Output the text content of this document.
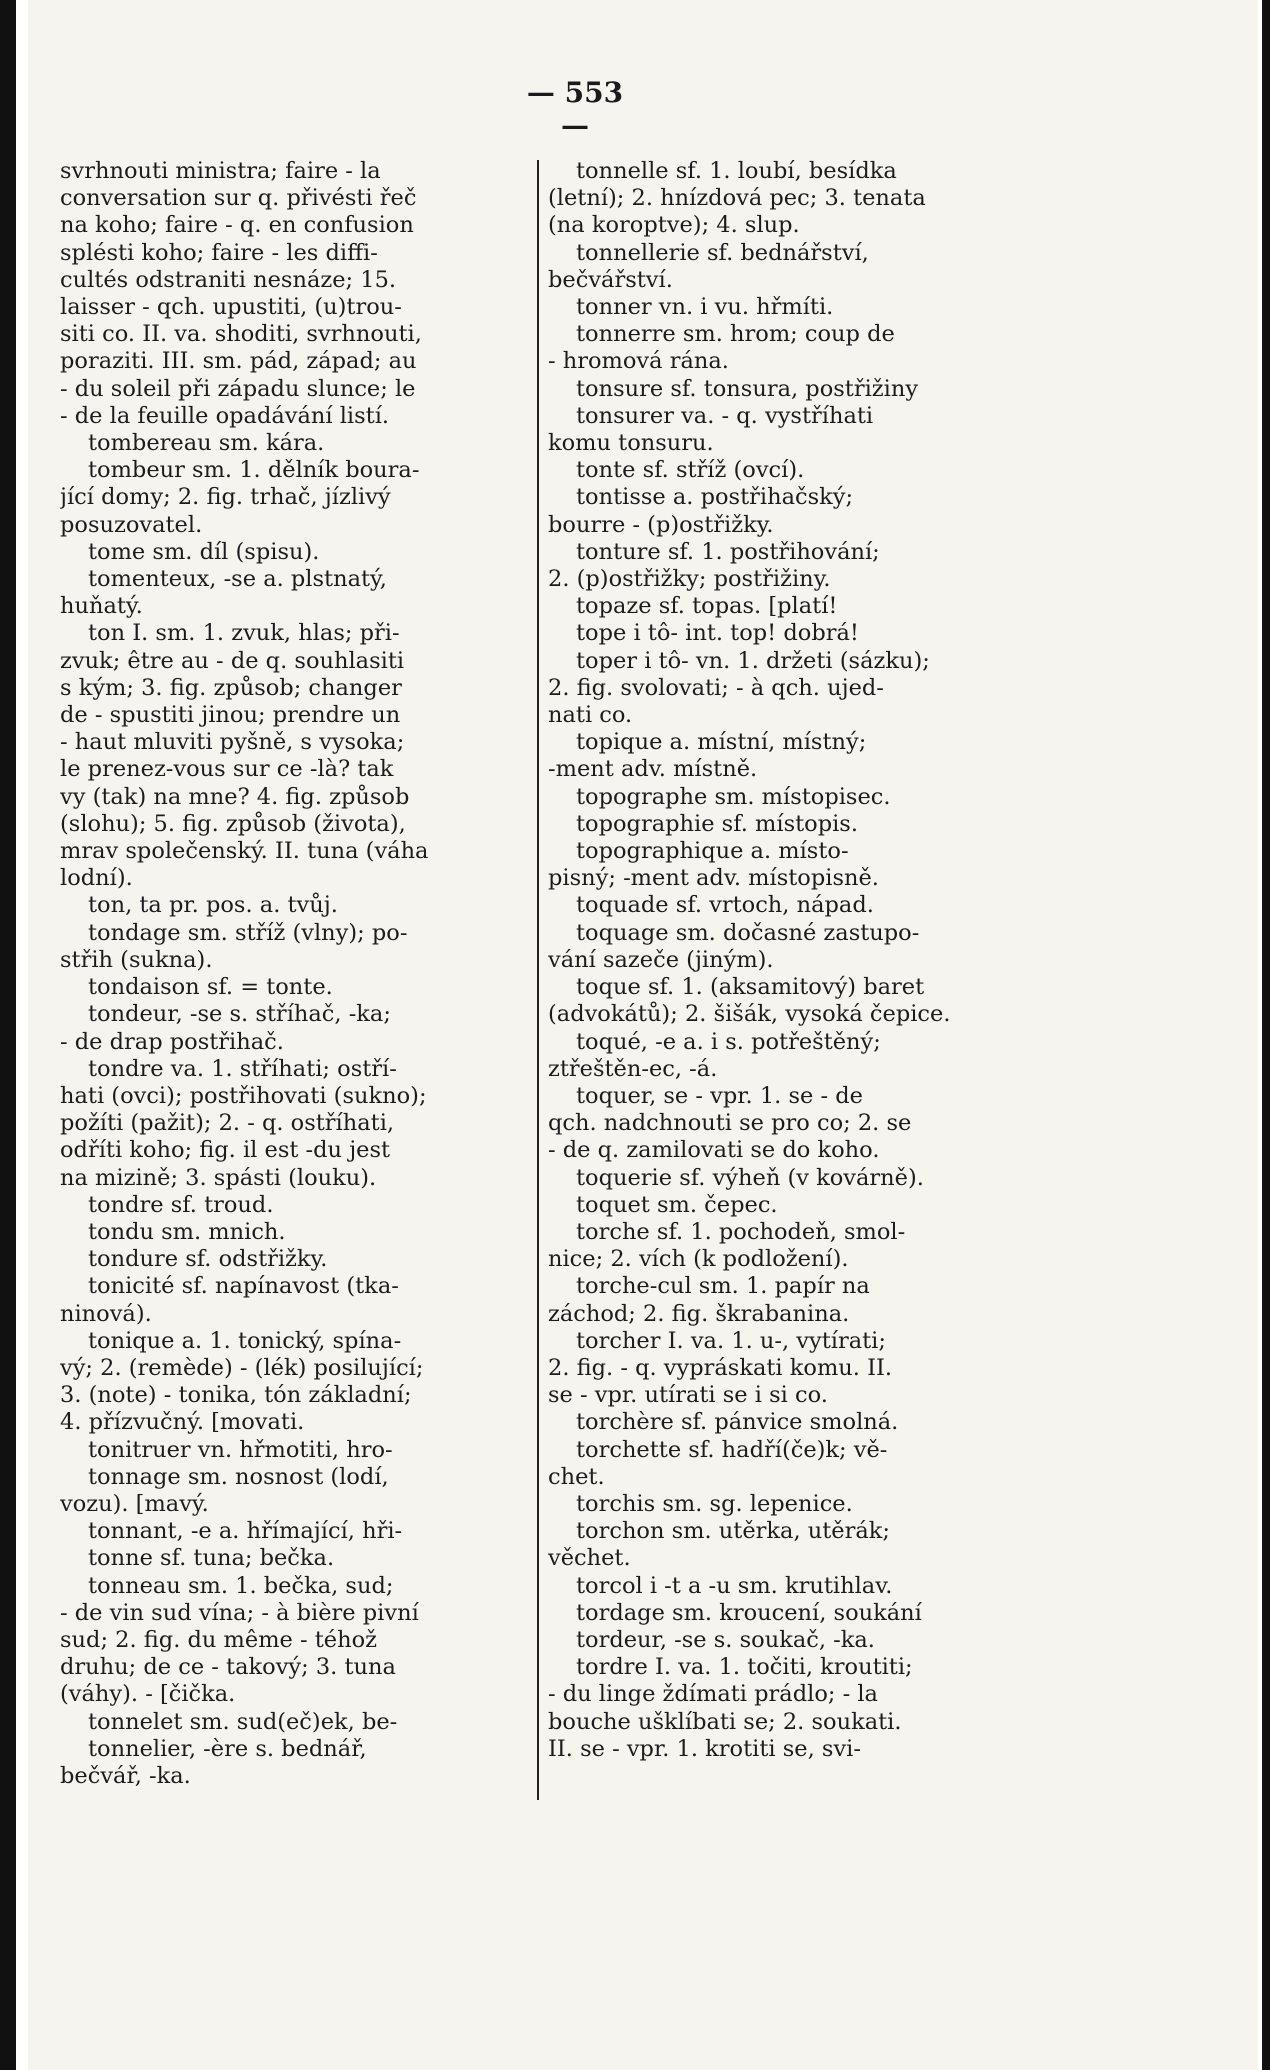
— 553 —
svrhnouti ministra; faire - la
conversation sur q. přivésti řeč
na koho; faire - q. en confusion
splésti koho; faire - les diffi-
cultés odstraniti nesnáze; 15.
laisser - qch. upustiti, (u)trou-
siti co. II. va. shoditi, svrhnouti,
poraziti. III. sm. pád, západ; au
- du soleil při západu slunce; le
- de la feuille opadávání listí.
tombereau sm. kára.
tombeur sm. 1. dělník boura-
jící domy; 2. fig. trhač, jízlivý
posuzovatel.
tome sm. díl (spisu).
tomenteux, -se a. plstnatý,
huňatý.
ton I. sm. 1. zvuk, hlas; při-
zvuk; être au - de q. souhlasiti
s kým; 3. fig. způsob; changer
de - spustiti jinou; prendre un
- haut mluviti pyšně, s vysoka;
le prenez-vous sur ce -là? tak
vy (tak) na mne? 4. fig. způsob
(slohu); 5. fig. způsob (života),
mrav společenský. II. tuna (váha
lodní).
ton, ta pr. pos. a. tvůj.
tondage sm. stříž (vlny); po-
střih (sukna).
tondaison sf. = tonte.
tondeur, -se s. stříhač, -ka;
- de drap postřihač.
tondre va. 1. stříhati; ostří-
hati (ovci); postřihovati (sukno);
požíti (pažit); 2. - q. ostříhati,
odříti koho; fig. il est -du jest
na mizině; 3. spásti (louku).
tondre sf. troud.
tondu sm. mnich.
tondure sf. odstřižky.
tonicité sf. napínavost (tka-
ninová).
tonique a. 1. tonický, spína-
vý; 2. (remède) - (lék) posilující;
3. (note) - tonika, tón základní;
4. přízvučný. [movati.
tonitruer vn. hřmotiti, hro-
tonnage sm. nosnost (lodí,
vozu). [mavý.
tonnant, -e a. hřímající, hři-
tonne sf. tuna; bečka.
tonneau sm. 1. bečka, sud;
- de vin sud vína; - à bière pivní
sud; 2. fig. du même - téhož
druhu; de ce - takový; 3. tuna
(váhy). - [čička.
tonnelet sm. sud(eč)ek, be-
tonnelier, -ère s. bednář,
bečvář, -ka.
tonnelle sf. 1. loubí, besídka
(letní); 2. hnízdová pec; 3. tenata
(na koroptve); 4. slup.
tonnellerie sf. bednářství,
bečvářství.
tonner vn. i vu. hřmíti.
tonnerre sm. hrom; coup de
- hromová rána.
tonsure sf. tonsura, postřižiny
tonsurer va. - q. vystříhati
komu tonsuru.
tonte sf. stříž (ovcí).
tontisse a. postřihačský;
bourre - (p)ostřižky.
tonture sf. 1. postřihování;
2. (p)ostřižky; postřižiny.
topaze sf. topas. [platí!
tope i tô- int. top! dobrá!
toper i tô- vn. 1. držeti (sázku);
2. fig. svolovati; - à qch. ujed-
nati co.
topique a. místní, místný;
-ment adv. místně.
topographe sm. místopisec.
topographie sf. místopis.
topographique a. místo-
pisný; -ment adv. místopisně.
toquade sf. vrtoch, nápad.
toquage sm. dočasné zastupo-
vání sazeče (jiným).
toque sf. 1. (aksamitový) baret
(advokátů); 2. šišák, vysoká čepice.
toqué, -e a. i s. potřeštěný;
ztřeštěn-ec, -á.
toquer, se - vpr. 1. se - de
qch. nadchnouti se pro co; 2. se
- de q. zamilovati se do koho.
toquerie sf. výheň (v kovárně).
toquet sm. čepec.
torche sf. 1. pochodeň, smol-
nice; 2. vích (k podložení).
torche-cul sm. 1. papír na
záchod; 2. fig. škrabanina.
torcher I. va. 1. u-, vytírati;
2. fig. - q. vypráskati komu. II.
se - vpr. utírati se i si co.
torchère sf. pánvice smolná.
torchette sf. hadří(če)k; vě-
chet.
torchis sm. sg. lepenice.
torchon sm. utěrka, utěrák;
věchet.
torcol i -t a -u sm. krutihlav.
tordage sm. kroucení, soukání
tordeur, -se s. soukač, -ka.
tordre I. va. 1. točiti, kroutiti;
- du linge ždímati prádlo; - la
bouche ušklíbati se; 2. soukati.
II. se - vpr. 1. krotiti se, svi-
